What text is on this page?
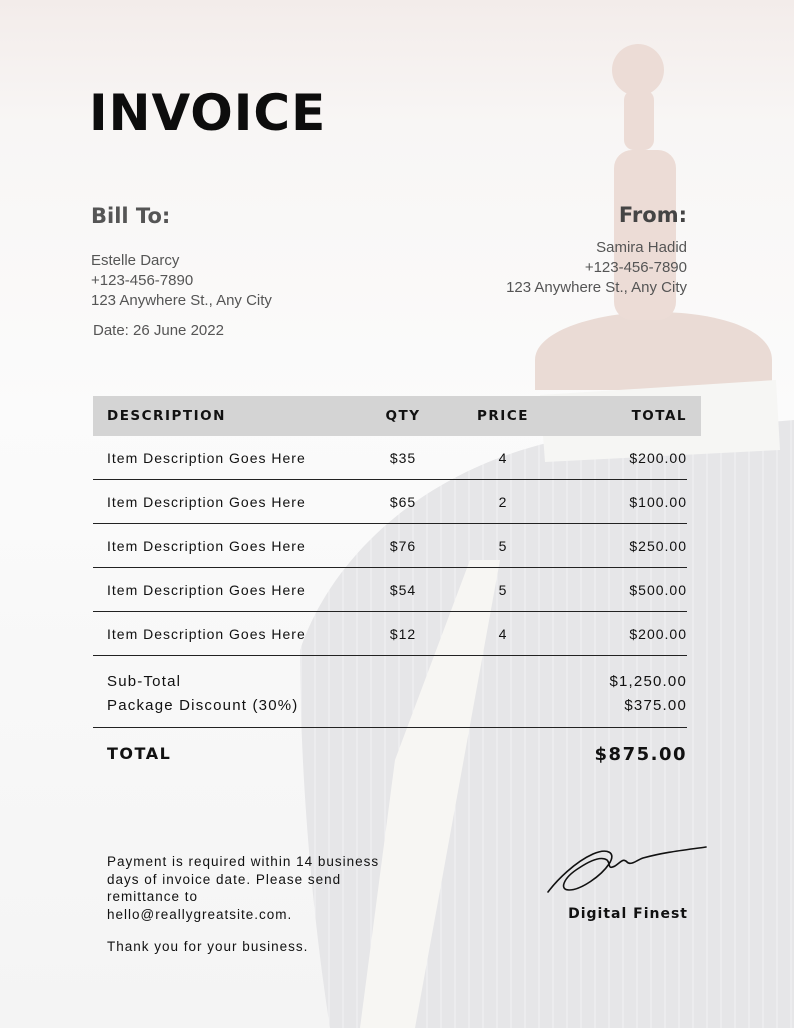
INVOICE
Bill To:
Estelle Darcy
+123-456-7890
123 Anywhere St., Any City
Date: 26 June 2022
From:
Samira Hadid
+123-456-7890
123 Anywhere St., Any City
DESCRIPTION	QTY	PRICE	TOTAL
Item Description Goes Here	$35	4	$200.00
Item Description Goes Here	$65	2	$100.00
Item Description Goes Here	$76	5	$250.00
Item Description Goes Here	$54	5	$500.00
Item Description Goes Here	$12	4	$200.00
Sub-Total	$1,250.00
Package Discount (30%)	$375.00
TOTAL	$875.00
Payment is required within 14 business
days of invoice date. Please send
remittance to
hello@reallygreatsite.com.
Thank you for your business.
Digital Finest
